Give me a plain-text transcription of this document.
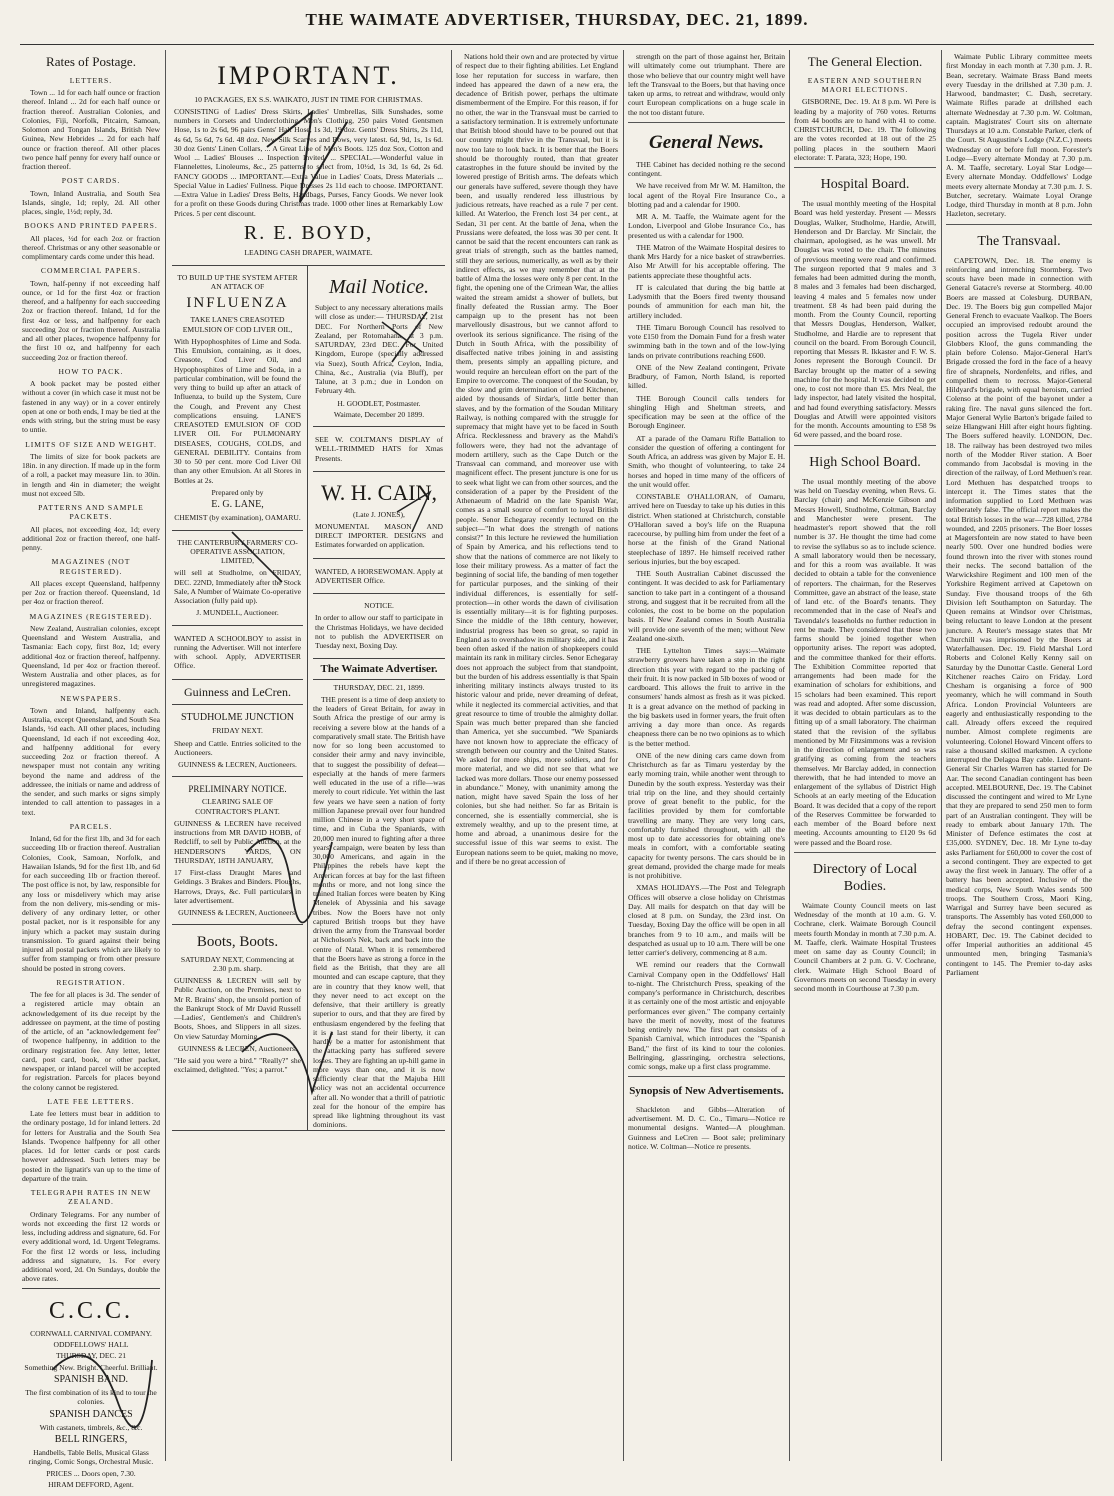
THE WAIMATE ADVERTISER, THURSDAY, DEC. 21, 1899.
Rates of Postage.
LETTERS.

Town ... 1d for each half ounce or fraction thereof. Inland ... 2d for each half ounce or fraction thereof. Australian Colonies, and Colonies, Fiji, Norfolk, Pitcairn, Samoan, Solomon and Tongan Islands, British New Guinea, New Hebrides ... 2d for each half ounce or fraction thereof. All other places two pence half penny for every half ounce or fraction thereof.

POST CARDS.

Town, Inland Australia, and South Sea Islands, single, 1d; reply, 2d. All other places, single, 1½d; reply, 3d.

BOOKS AND PRINTED PAPERS.

All places, ½d for each 2oz or fraction thereof. Christmas or any other seasonable or complimentary cards come under this head.

COMMERCIAL PAPERS.

Town, half-penny if not exceeding half ounce, or 1d for the first 4oz or fraction thereof, and a halfpenny for each succeeding 2oz or fraction thereof. Inland, 1d for the first 4oz or less, and halfpenny for each succeeding 2oz or fraction thereof. Australia and all other places, twopence halfpenny for the first 10 oz, and halfpenny for each succeeding 2oz or fraction thereof.

HOW TO PACK.

A book packet may be posted either without a cover (in which case it must not be fastened in any way) or in a cover entirely open at one or both ends, I may be tied at the ends with string, but the string must be easy to untie.

LIMITS OF SIZE AND WEIGHT.

The limits of size for book packets are 18in. in any direction. If made up in the form of a roll, a packet may measure 1in. to 30in. in length and 4in in diameter; the weight must not exceed 5lb.

PATTERNS AND SAMPLE PACKETS.

All places, not exceeding 4oz, 1d; every additional 2oz or fraction thereof, one half-penny.

MAGAZINES (NOT REGISTERED).

All places except Queensland, halfpenny per 2oz or fraction thereof. Queensland, 1d per 4oz or fraction thereof.

MAGAZINES (REGISTERED).

New Zealand, Australian colonies, except Queensland and Western Australia, and Tasmania: Each copy, first 8oz, 1d; every additional 4oz or fraction thereof, halfpenny. Queensland, 1d per 4oz or fraction thereof. Western Australia and other places, as for unregistered magazines.

NEWSPAPERS.

Town and Inland, halfpenny each. Australia, except Queensland, and South Sea Islands, ½d each. All other places, including Queensland, 1d each if not exceeding 4oz, and halfpenny additional for every succeeding 2oz or fraction thereof. A newspaper must not contain any writing beyond the name and address of the addressee, the initials or name and address of the sender, and such marks or signs simply intended to call attention to passages in a text.

PARCELS.

Inland, 6d for the first 1lb, and 3d for each succeeding 1lb or fraction thereof. Australian Colonies, Cook, Samoan, Norfolk, and Hawaiian Islands, 9d for the first 1lb, and 6d for each succeeding 1lb or fraction thereof. The post office is not, by law, responsible for any loss or misdelivery which may arise from the non delivery, mis-sending or mis-delivery of any ordinary letter, or other postal packet, nor is it responsible for any injury which a packet may sustain during transmission. To guard against their being injured all postal packets which are likely to suffer from stamping or from other pressure should be posted in strong covers.

REGISTRATION.

The fee for all places is 3d. The sender of a registered article may obtain an acknowledgement of its due receipt by the addressee on payment, at the time of posting of the article, of an "acknowledgement fee" of twopence halfpenny, in addition to the ordinary registration fee. Any letter, letter card, post card, book, or other packet, newspaper, or inland parcel will be accepted for registration. Parcels for places beyond the colony cannot be registered.

LATE FEE LETTERS.

Late fee letters must bear in addition to the ordinary postage, 1d for inland letters. 2d for letters for Australia and the South Sea Islands. Twopence halfpenny for all other places. 1d for letter cards or post cards however addressed. Such letters may be posted in the lignatit's van up to the time of departure of the train.

TELEGRAPH RATES IN NEW ZEALAND.

Ordinary Telegrams. For any number of words not exceeding the first 12 words or less, including address and signature, 6d. For every additional word, 1d. Urgent Telegrams. For the first 12 words or less, including address and signature, 1s. For every additional word, 2d. On Sundays, double the above rates.

C.C.C.
CORNWALL CARNIVAL COMPANY.
ODDFELLOWS' HALL
THURSDAY, DEC. 21
Something New. Bright. Cheerful. Brilliant.
SPANISH BAND.
The first combination of its kind to tour the colonies.
SPANISH DANCES
With castanets, timbrels, &c., &c.
BELL RINGERS,
Handbells, Table Bells, Musical Glass ringing, Comic Songs, Orchestral Music.
PRICES ... Doors open, 7.30.
HIRAM DEFFORD, Agent.
IMPORTANT.
10 PACKAGES, EX S.S. WAIKATO, JUST IN TIME FOR CHRISTMAS.
CONSISTING of Ladies' Dress Skirts, Ladies' Umbrellas, Silk Sunshades, some numbers in Corsets and Underclothing, Men's Clothing, 250 pairs Voted Gentsmen Hose, 1s to 2s 6d, 96 pairs Gents' Half Hose, 1s 3d, 19 doz. Gents' Dress Shirts, 2s 11d, 4s 6d, 5s 6d, 7s 6d. 48 doz. New Silk Scarves and Bows, very latest. 6d, 9d, 1s, 1s 6d. 30 doz Gents' Linen Collars, ... A Great Line of Men's Boots. 125 doz Sox, Cotton and Wool ... Ladies' Blouses ... Inspection Invited. ... SPECIAL.—Wonderful value in Flannelettes, Linoleums, &c., 25 patterns to select from, 10½d, 1s 3d, 1s 6d, 2s 6d. FANCY GOODS ... IMPORTANT.—Extra Value in Ladies' Coats, Dress Materials ... Special Value in Ladies' Fullness. Pique Dresses 2s 11d each to choose. IMPORTANT.—Extra Value in Ladies' Dress Belts, Handbags, Purses, Fancy Goods. We never look for a profit on these Goods during Christmas trade. 1000 other lines at Remarkably Low Prices. 5 per cent discount.
R. E. BOYD,
LEADING CASH DRAPER, WAIMATE.
TO BUILD UP THE SYSTEM AFTER AN ATTACK OF
INFLUENZA
TAKE LANE'S CREASOTED EMULSION OF COD LIVER OIL,
With Hypophosphites of Lime and Soda. This Emulsion, containing, as it does, Creasote, Cod Liver Oil, and Hypophosphites of Lime and Soda, in a particular combination, will be found the very thing to build up after an attack of Influenza, to build up the System, Cure the Cough, and Prevent any Chest complications ensuing. LANE'S CREASOTED EMULSION OF COD LIVER OIL For PULMONARY DISEASES, COUGHS, COLDS, and GENERAL DEBILITY. Contains from 30 to 50 per cent. more Cod Liver Oil than any other Emulsion. At all Stores in Bottles at 2s.
Prepared only by
E. G. LANE,
CHEMIST (by examination), OAMARU.
THE CANTERBURY FARMERS' CO-OPERATIVE ASSOCIATION, LIMITED,
will sell at Studholme, on FRIDAY, DEC. 22ND, Immediately after the Stock Sale, A Number of Waimate Co-operative Association (fully paid up).
J. MUNDELL, Auctioneer.
WANTED A SCHOOLBOY to assist in running the Advertiser. Will not interfere with school. Apply, ADVERTISER Office.
Guinness and LeCren.
STUDHOLME JUNCTION
FRIDAY NEXT.
Sheep and Cattle. Entries solicited to the Auctioneers.
GUINNESS & LECREN, Auctioneers.
PRELIMINARY NOTICE.
CLEARING SALE OF CONTRACTOR'S PLANT.
GUINNESS & LECREN have received instructions from MR DAVID HOBB, of Redcliff, to sell by Public Auction, at the HENDERSON'S YARDS, ON THURSDAY, 18TH JANUARY,
17 First-class Draught Mares and Geldings. 3 Brakes and Binders. Ploughs, Harrows, Drays, &c. Full particulars in later advertisement.
GUINNESS & LECREN, Auctioneers.
Boots, Boots.
SATURDAY NEXT, Commencing at 2.30 p.m. sharp.
GUINNESS & LECREN will sell by Public Auction, on the Premises, next to Mr R. Brains' shop, the unsold portion of the Bankrupt Stock of Mr David Russell—Ladies', Gentlemen's and Children's Boots, Shoes, and Slippers in all sizes. On view Saturday Morning.
GUINNESS & LECREN, Auctioneers.
"He said you were a bird." "Really?" she exclaimed, delighted. "Yes; a parrot."
Mail Notice.
Subject to any necessary alterations mails will close as under:— THURSDAY, 21st DEC. For Northern Ports of New Zealand, per Rotomahana, at 3 p.m. SATURDAY, 23rd DEC. For United Kingdom, Europe (specially addressed via Suez), South Africa, Ceylon, India, China, &c., Australia (via Bluff), per Talune, at 3 p.m.; due in London on February 4th.
H. GOODLET, Postmaster.
Waimate, December 20 1899.
SEE W. COLTMAN'S DISPLAY of WELL-TRIMMED HATS for Xmas Presents.
W. H. CAIN,
(Late J. JONES),
MONUMENTAL MASON AND DIRECT IMPORTER. DESIGNS and Estimates forwarded on application.
WANTED, A HORSEWOMAN. Apply at ADVERTISER Office.
NOTICE.
In order to allow our staff to participate in the Christmas Holidays, we have decided not to publish the ADVERTISER on Tuesday next, Boxing Day.
The Waimate Advertiser.
THURSDAY, DEC. 21, 1899.

THE present is a time of deep anxiety to the leaders of Great Britain, for away in South Africa the prestige of our army is receiving a severe blow at the hands of a comparatively small state. The British have now for so long been accustomed to consider their army and navy invincible, that to suggest the possibility of defeat—especially at the hands of mere farmers well educated in the use of a rifle—was merely to court ridicule. Yet within the last few years we have seen a nation of forty million Japanese prevail over four hundred million Chinese in a very short space of time, and in Cuba the Spaniards, with 20,000 men inured to fighting after a three years' campaign, were beaten by less than 30,000 Americans, and again in the Philippines the rebels have kept the American forces at bay for the last fifteen months or more, and not long since the trained Italian forces were beaten by King Menelek of Abyssinia and his savage tribes. Now the Boers have not only captured British troops but they have driven the army from the Transvaal border at Nicholson's Nek, back and back into the centre of Natal. When it is remembered that the Boers have as strong a force in the field as the British, that they are all mounted and can escape capture, that they are in country that they know well, that they never need to act except on the defensive, that their artillery is greatly superior to ours, and that they are fired by enthusiasm engendered by the feeling that it is a last stand for their liberty, it can hardly be a matter for astonishment that the attacking party has suffered severe losses. They are fighting an up-hill game in more ways than one, and it is now sufficiently clear that the Majuba Hill policy was not an accidental occurrence after all. No wonder that a thrill of patriotic zeal for the honour of the empire has spread like lightning throughout its vast dominions.

Nations hold their own and are protected by virtue of respect due to their fighting abilities. Let England lose her reputation for success in warfare, then indeed has appeared the dawn of a new era, the decadence of British power, perhaps the ultimate dismemberment of the Empire. For this reason, if for no other, the war in the Transvaal must be carried to a satisfactory termination. It is extremely unfortunate that British blood should have to be poured out that our country might thrive in the Transvaal, but it is now too late to look back. It is better that the Boers should be thoroughly routed, than that greater catastrophes in the future should be invited by the lowered prestige of British arms. The defeats which our generals have suffered, severe though they have been, and usually rendered less illustrious by judicious retreats, have reached as a rule 7 per cent. killed. At Waterloo, the French lost 34 per cent., at Sedan, 31 per cent. At the battle of Jena, when the Prussians were defeated, the loss was 30 per cent. It cannot be said that the recent encounters can rank as great trials of strength, such as the battles named, still they are serious, numerically, as well as by their indirect effects, as we may remember that at the battle of Alma the losses were only 8 per cent. In the fight, the opening one of the Crimean War, the allies waited the stream amidst a shower of bullets, but finally defeated the Russian army. The Boer campaign up to the present has not been marvellously disastrous, but we cannot afford to overlook its serious significance. The rising of the Dutch in South Africa, with the possibility of disaffected native tribes joining in and assisting them, presents simply an appalling picture, and would require an herculean effort on the part of the Empire to overcome. The conquest of the Soudan, by the slow and grim determination of Lord Kitchener, aided by thousands of Sirdar's, little better than slaves, and by the formation of the Soudan Military Railway, is nothing compared with the struggle for supremacy that might have yet to be faced in South Africa. Recklessness and bravery as the Mahdi's followers were, they had not the advantage of modern artillery, such as the Cape Dutch or the Transvaal can command, and moreover use with magnificent effect. The present juncture is one for us to seek what light we can from other sources, and the consideration of a paper by the President of the Athenaeum of Madrid on the late Spanish War, comes as a small source of comfort to loyal British people. Senor Echegaray recently lectured on the subject—"In what does the strength of nations consist?" In this lecture he reviewed the humiliation of Spain by America, and his reflections tend to show that the nations of commerce are not likely to lose their military prowess. As a matter of fact the beginning of social life, the banding of men together for particular purposes, and the sinking of their individual differences, is essentially for self-protection—in other words the dawn of civilisation is essentially military—it is for fighting purposes. Since the middle of the 18th century, however, industrial progress has been so great, so rapid in England as to overshadow its military side, and it has been often asked if the nation of shopkeepers could maintain its rank in military circles. Senor Echegaray does not approach the subject from that standpoint, but the burden of his address essentially is that Spain inheriting military instincts always trusted to its historic valour and pride, never dreaming of defeat, while it neglected its commercial activities, and that great resource to time of trouble the almighty dollar. Spain was much better prepared than she fancied than America, yet she succumbed. "We Spaniards have not known how to appreciate the efficacy of strength between our country and the United States. We asked for more ships, more soldiers, and for more material, and we did not see that what we lacked was more dollars. Those our enemy possessed in abundance." Money, with unanimity among the nation, might have saved Spain the loss of her colonies, but she had neither. So far as Britain is concerned, she is essentially commercial, she is extremely wealthy, and up to the present time, at home and abroad, a unanimous desire for the successful issue of this war seems to exist. The European nations seem to be quiet, making no move, and if there be no great accession of

strength on the part of those against her, Britain will ultimately come out triumphant. There are those who believe that our country might well have left the Transvaal to the Boers, but that having once taken up arms, to retreat and withdraw, would only court European complications on a huge scale in the not too distant future.

General News.

THE Cabinet has decided nothing re the second contingent.

We have received from Mr W. M. Hamilton, the local agent of the Royal Fire Insurance Co., a blotting pad and a calendar for 1900.

MR A. M. Taaffe, the Waimate agent for the London, Liverpool and Globe Insurance Co., has presented us with a calendar for 1900.

THE Matron of the Waimate Hospital desires to thank Mrs Hardy for a nice basket of strawberries. Also Mr Atwill for his acceptable offering. The patients appreciate these thoughtful acts.

IT is calculated that during the big battle at Ladysmith that the Boers fired twenty thousand pounds of ammunition for each man hit, the artillery included.

THE Timaru Borough Council has resolved to vote £150 from the Domain Fund for a fresh water swimming bath in the town and of the low-lying lands on private contributions reaching £600.

ONE of the New Zealand contingent, Private Bradbury, of Famon, North Island, is reported killed.

THE Borough Council calls tenders for shingling High and Sheltman streets, and specification may be seen at the office of the Borough Engineer.

AT a parade of the Oamaru Rifle Battalion to consider the question of offering a contingent for South Africa, an address was given by Major E. H. Smith, who thought of volunteering, to take 24 horses and hoped in time many of the officers of the unit would offer.

CONSTABLE O'HALLORAN, of Oamaru, arrived here on Tuesday to take up his duties in this district. When stationed at Christchurch, constable O'Halloran saved a boy's life on the Ruapuna racecourse, by pulling him from under the feet of a horse at the finish of the Grand National steeplechase of 1897. He himself received rather serious injuries, but the boy escaped.

THE South Australian Cabinet discussed the contingent. It was decided to ask for Parliamentary sanction to take part in a contingent of a thousand strong, and suggest that it be recruited from all the colonies, the cost to be borne on the population basis. If New Zealand comes in South Australia will provide one seventh of the men; without New Zealand one-sixth.

THE Lyttelton Times says:—Waimate strawberry growers have taken a step in the right direction this year with regard to the packing of their fruit. It is now packed in 5lb boxes of wood or cardboard. This allows the fruit to arrive in the consumers' hands almost as fresh as it was picked. It is a great advance on the method of packing in the big baskets used in former years, the fruit often arriving a day more than once. As regards cheapness there can be no two opinions as to which is the better method.

ONE of the new dining cars came down from Christchurch as far as Timaru yesterday by the early morning train, while another went through to Dunedin by the south express. Yesterday was their trial trip on the line, and they should certainly prove of great benefit to the public, for the facilities provided by them for comfortable travelling are many. They are very long cars, comfortably furnished throughout, with all the most up to date accessories for obtaining one's meals in comfort, with a comfortable seating capacity for twenty persons. The cars should be in great demand, provided the charge made for meals is not prohibitive.

XMAS HOLIDAYS.—The Post and Telegraph Offices will observe a close holiday on Christmas Day. All mails for despatch on that day will be closed at 8 p.m. on Sunday, the 23rd inst. On Tuesday, Boxing Day the office will be open in all branches from 9 to 10 a.m., and mails will be despatched as usual up to 10 a.m. There will be one letter carrier's delivery, commencing at 8 a.m.

WE remind our readers that the Cornwall Carnival Company open in the Oddfellows' Hall to-night. The Christchurch Press, speaking of the company's performance in Christchurch, describes it as certainly one of the most artistic and enjoyable performances ever given." The company certainly have the merit of novelty, most of the features being entirely new. The first part consists of a Spanish Carnival, which introduces the "Spanish Band," the first of its kind to tour the colonies. Bellringing, glassringing, orchestra selections, comic songs, make up a first class programme.

Synopsis of New Advertisements.

Shackleton and Gibbs—Alteration of advertisement. M. D. C. Co., Timaru—Notice re monumental designs. Wanted—A ploughman. Guinness and LeCren — Boot sale; preliminary notice. W. Coltman—Notice re presents.

The General Election.
EASTERN AND SOUTHERN MAORI ELECTIONS.

GISBORNE, Dec. 19. At 8 p.m. Wi Pere is leading by a majority of 760 votes. Returns from 44 booths are to hand with 41 to come. CHRISTCHURCH, Dec. 19. The following are the votes recorded at 18 out of the 25 polling places in the southern Maori electorate: T. Parata, 323; Hope, 190.

Hospital Board.

The usual monthly meeting of the Hospital Board was held yesterday. Present — Messrs Douglas, Walker, Studholme, Hardie, Atwill, Henderson and Dr Barclay. Mr Sinclair, the chairman, apologised, as he was unwell. Mr Douglas was voted to the chair. The minutes of previous meeting were read and confirmed. The surgeon reported that 9 males and 3 females had been admitted during the month, 8 males and 3 females had been discharged, leaving 4 males and 5 females now under treatment. £8 4s had been paid during the month. From the County Council, reporting that Messrs Douglas, Henderson, Walker, Studholme, and Hardie are to represent that council on the board. From Borough Council, reporting that Messrs R. Ikkaster and F. W. S. Jones represent the Borough Council. Dr Barclay brought up the matter of a sewing machine for the hospital. It was decided to get one, to cost not more than £5. Mrs Neal, the lady inspector, had lately visited the hospital, and had found everything satisfactory. Messrs Douglas and Atwill were appointed visitors for the month. Accounts amounting to £58 9s 6d were passed, and the board rose.

High School Board.

The usual monthly meeting of the above was held on Tuesday evening, when Revs. G. Barclay (chair) and McKenzie Gibson and Messrs Howell, Studholme, Coltman, Barclay and Manchester were present. The headmaster's report showed that the roll number is 37. He thought the time had come to revise the syllabus so as to include science. A small laboratory would then be necessary, and for this a room was available. It was decided to obtain a table for the convenience of reporters. The chairman, for the Reserves Committee, gave an abstract of the lease, state of land etc. of the Board's tenants. They recommended that in the case of Neal's and Tavendale's leaseholds no further reduction in rent be made. They considered that these two farms should be joined together when opportunity arises. The report was adopted, and the committee thanked for their efforts. The Exhibition Committee reported that arrangements had been made for the examination of scholars for exhibitions, and 15 scholars had been examined. This report was read and adopted. After some discussion, it was decided to obtain particulars as to the fitting up of a small laboratory. The chairman stated that the revision of the syllabus mentioned by Mr Fitzsimmons was a revision in the direction of enlargement and so was gratifying as coming from the teachers themselves. Mr Barclay added, in connection therewith, that he had intended to move an enlargement of the syllabus of District High Schools at an early meeting of the Education Board. It was decided that a copy of the report of the Reserves Committee be forwarded to each member of the Board before next meeting. Accounts amounting to £120 9s 6d were passed and the Board rose.

Directory of Local Bodies.

Waimate County Council meets on last Wednesday of the month at 10 a.m. G. V. Cochrane, clerk. Waimate Borough Council meets fourth Monday in month at 7.30 p.m. A. M. Taaffe, clerk. Waimate Hospital Trustees meet on same day as County Council; in Council Chambers at 2 p.m. G. V. Cochrane, clerk. Waimate High School Board of Governors meets on second Tuesday in every second month in Courthouse at 7.30 p.m.

Waimate Public Library committee meets first Monday in each month at 7.30 p.m. J. R. Bean, secretary. Waimate Brass Band meets every Tuesday in the drillshed at 7.30 p.m. J. Harwood, bandmaster; C. Dash, secretary. Waimate Rifles parade at drillshed each alternate Wednesday at 7.30 p.m. W. Coltman, captain. Magistrates' Court sits on alternate Thursdays at 10 a.m. Constable Parker, clerk of the Court. St Augustine's Lodge (N.Z.C.) meets Wednesday on or before full moon. Forester's Lodge—Every alternate Monday at 7.30 p.m. A. M. Taaffe, secretary. Loyal Star Lodge—Every alternate Monday. Oddfellows' Lodge meets every alternate Monday at 7.30 p.m. J. S. Butcher, secretary. Waimate Loyal Orange Lodge, third Thursday in month at 8 p.m. John Hazleton, secretary.

The Transvaal.

CAPETOWN, Dec. 18. The enemy is reinforcing and intrenching Stormberg. Two scouts have been made in connection with General Gatacre's reverse at Stormberg. 40.00 Boers are massed at Colesburg. DURBAN, Dec. 19. The Boers big gun compelled Major General French to evacuate Vaalkop. The Boers occupied an improvised redoubt around the position across the Tugela River under Globbers Kloof, the guns commanding the plain before Colenso. Major-General Hart's Brigade crossed the ford in the face of a heavy fire of shrapnels, Nordenfelts, and rifles, and compelled them to recross. Major-General Hildyard's brigade, with equal heroism, carried Colenso at the point of the bayonet under a raking fire. The naval guns silenced the fort. Major General Wylie Barton's brigade failed to seize Hlangwani Hill after eight hours fighting. The Boers suffered heavily. LONDON, Dec. 18. The railway has been destroyed two miles north of the Modder River station. A Boer commando from Jacobsdal is moving in the direction of the railway, of Lord Methuen's rear. Lord Methuen has despatched troops to intercept it. The Times states that the information supplied to Lord Methuen was deliberately false. The official report makes the total British losses in the war—728 killed, 2784 wounded, and 2205 prisoners. The Boer losses at Magersfontein are now stated to have been nearly 500. Over one hundred bodies were found thrown into the river with stones round their necks. The second battalion of the Warwickshire Regiment and 100 men of the Yorkshire Regiment arrived at Capetown on Sunday. Five thousand troops of the 6th Division left Southampton on Saturday. The Queen remains at Windsor over Christmas, being reluctant to leave London at the present juncture. A Reuter's message states that Mr Churchill was imprisoned by the Boers at Waterfalhausen. Dec. 19. Field Marshal Lord Roberts and Colonel Kelly Kenny sail on Saturday by the Dunottar Castle. General Lord Kitchener reaches Cairo on Friday. Lord Chesham is organising a force of 900 yeomanry, which he will command in South Africa. London Provincial Volunteers are eagerly and enthusiastically responding to the call. Already offers exceed the required number. Almost complete regiments are volunteering. Colonel Howard Vincent offers to raise a thousand skilled marksmen. A cyclone interrupted the Delagoa Bay cable. Lieutenant-General Sir Charles Warren has started for De Aar. The second Canadian contingent has been accepted. MELBOURNE, Dec. 19. The Cabinet discussed the contingent and wired to Mr Lyne that they are prepared to send 250 men to form part of an Australian contingent. They will be ready to embark about January 17th. The Minister of Defence estimates the cost at £35,000. SYDNEY, Dec. 18. Mr Lyne to-day asks Parliament for £60,000 to cover the cost of a second contingent. They are expected to get away the first week in January. The offer of a battery has been accepted. Inclusive of the medical corps, New South Wales sends 500 troops. The Southern Cross, Maori King, Warrigal and Surrey have been secured as transports. The Assembly has voted £60,000 to defray the second contingent expenses. HOBART, Dec. 19. The Cabinet decided to offer Imperial authorities an additional 45 unmounted men, bringing Tasmania's contingent to 145. The Premier to-day asks Parliament
